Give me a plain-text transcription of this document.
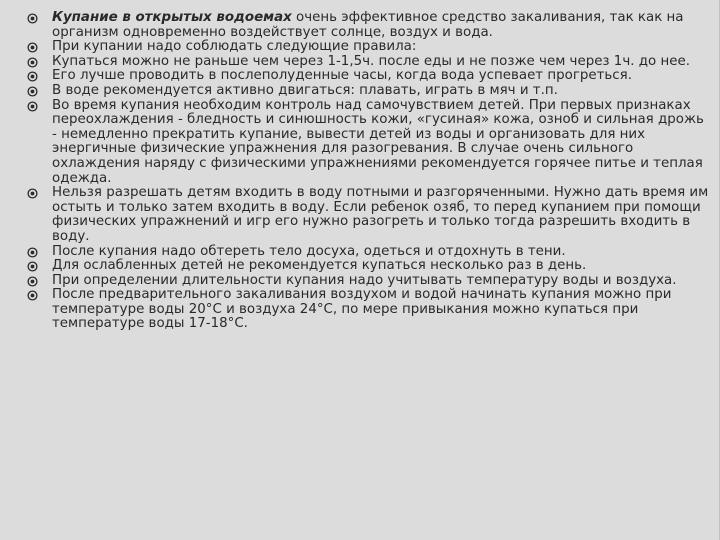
Купание в открытых водоемах очень эффективное средство закаливания, так как на организм одновременно воздействует солнце, воздух и вода.
При купании надо соблюдать следующие правила:
Купаться можно не раньше чем через 1-1,5ч. после еды и не позже чем через 1ч. до нее.
Его лучше проводить в послеполуденные часы, когда вода успевает прогреться.
В воде рекомендуется активно двигаться: плавать, играть в мяч и т.п.
Во время купания необходим контроль над самочувствием детей. При первых признаках переохлаждения - бледность и синюшность кожи, «гусиная» кожа, озноб и сильная дрожь - немедленно прекратить купание, вывести детей из воды и организовать для них энергичные физические упражнения для разогревания. В случае очень сильного охлаждения наряду с физическими упражнениями рекомендуется горячее питье и теплая одежда.
Нельзя разрешать детям входить в воду потными и разгоряченными. Нужно дать время им остыть и только затем входить в воду. Если ребенок озяб, то перед купанием при помощи физических упражнений и игр его нужно разогреть и только тогда разрешить входить в воду.
После купания надо обтереть тело досуха, одеться и отдохнуть в тени.
Для ослабленных детей не рекомендуется купаться несколько раз в день.
При определении длительности купания надо учитывать температуру воды и воздуха.
После предварительного закаливания воздухом и водой начинать купания можно при температуре воды 20°С и воздуха 24°С, по мере привыкания можно купаться при температуре воды 17-18°С.
